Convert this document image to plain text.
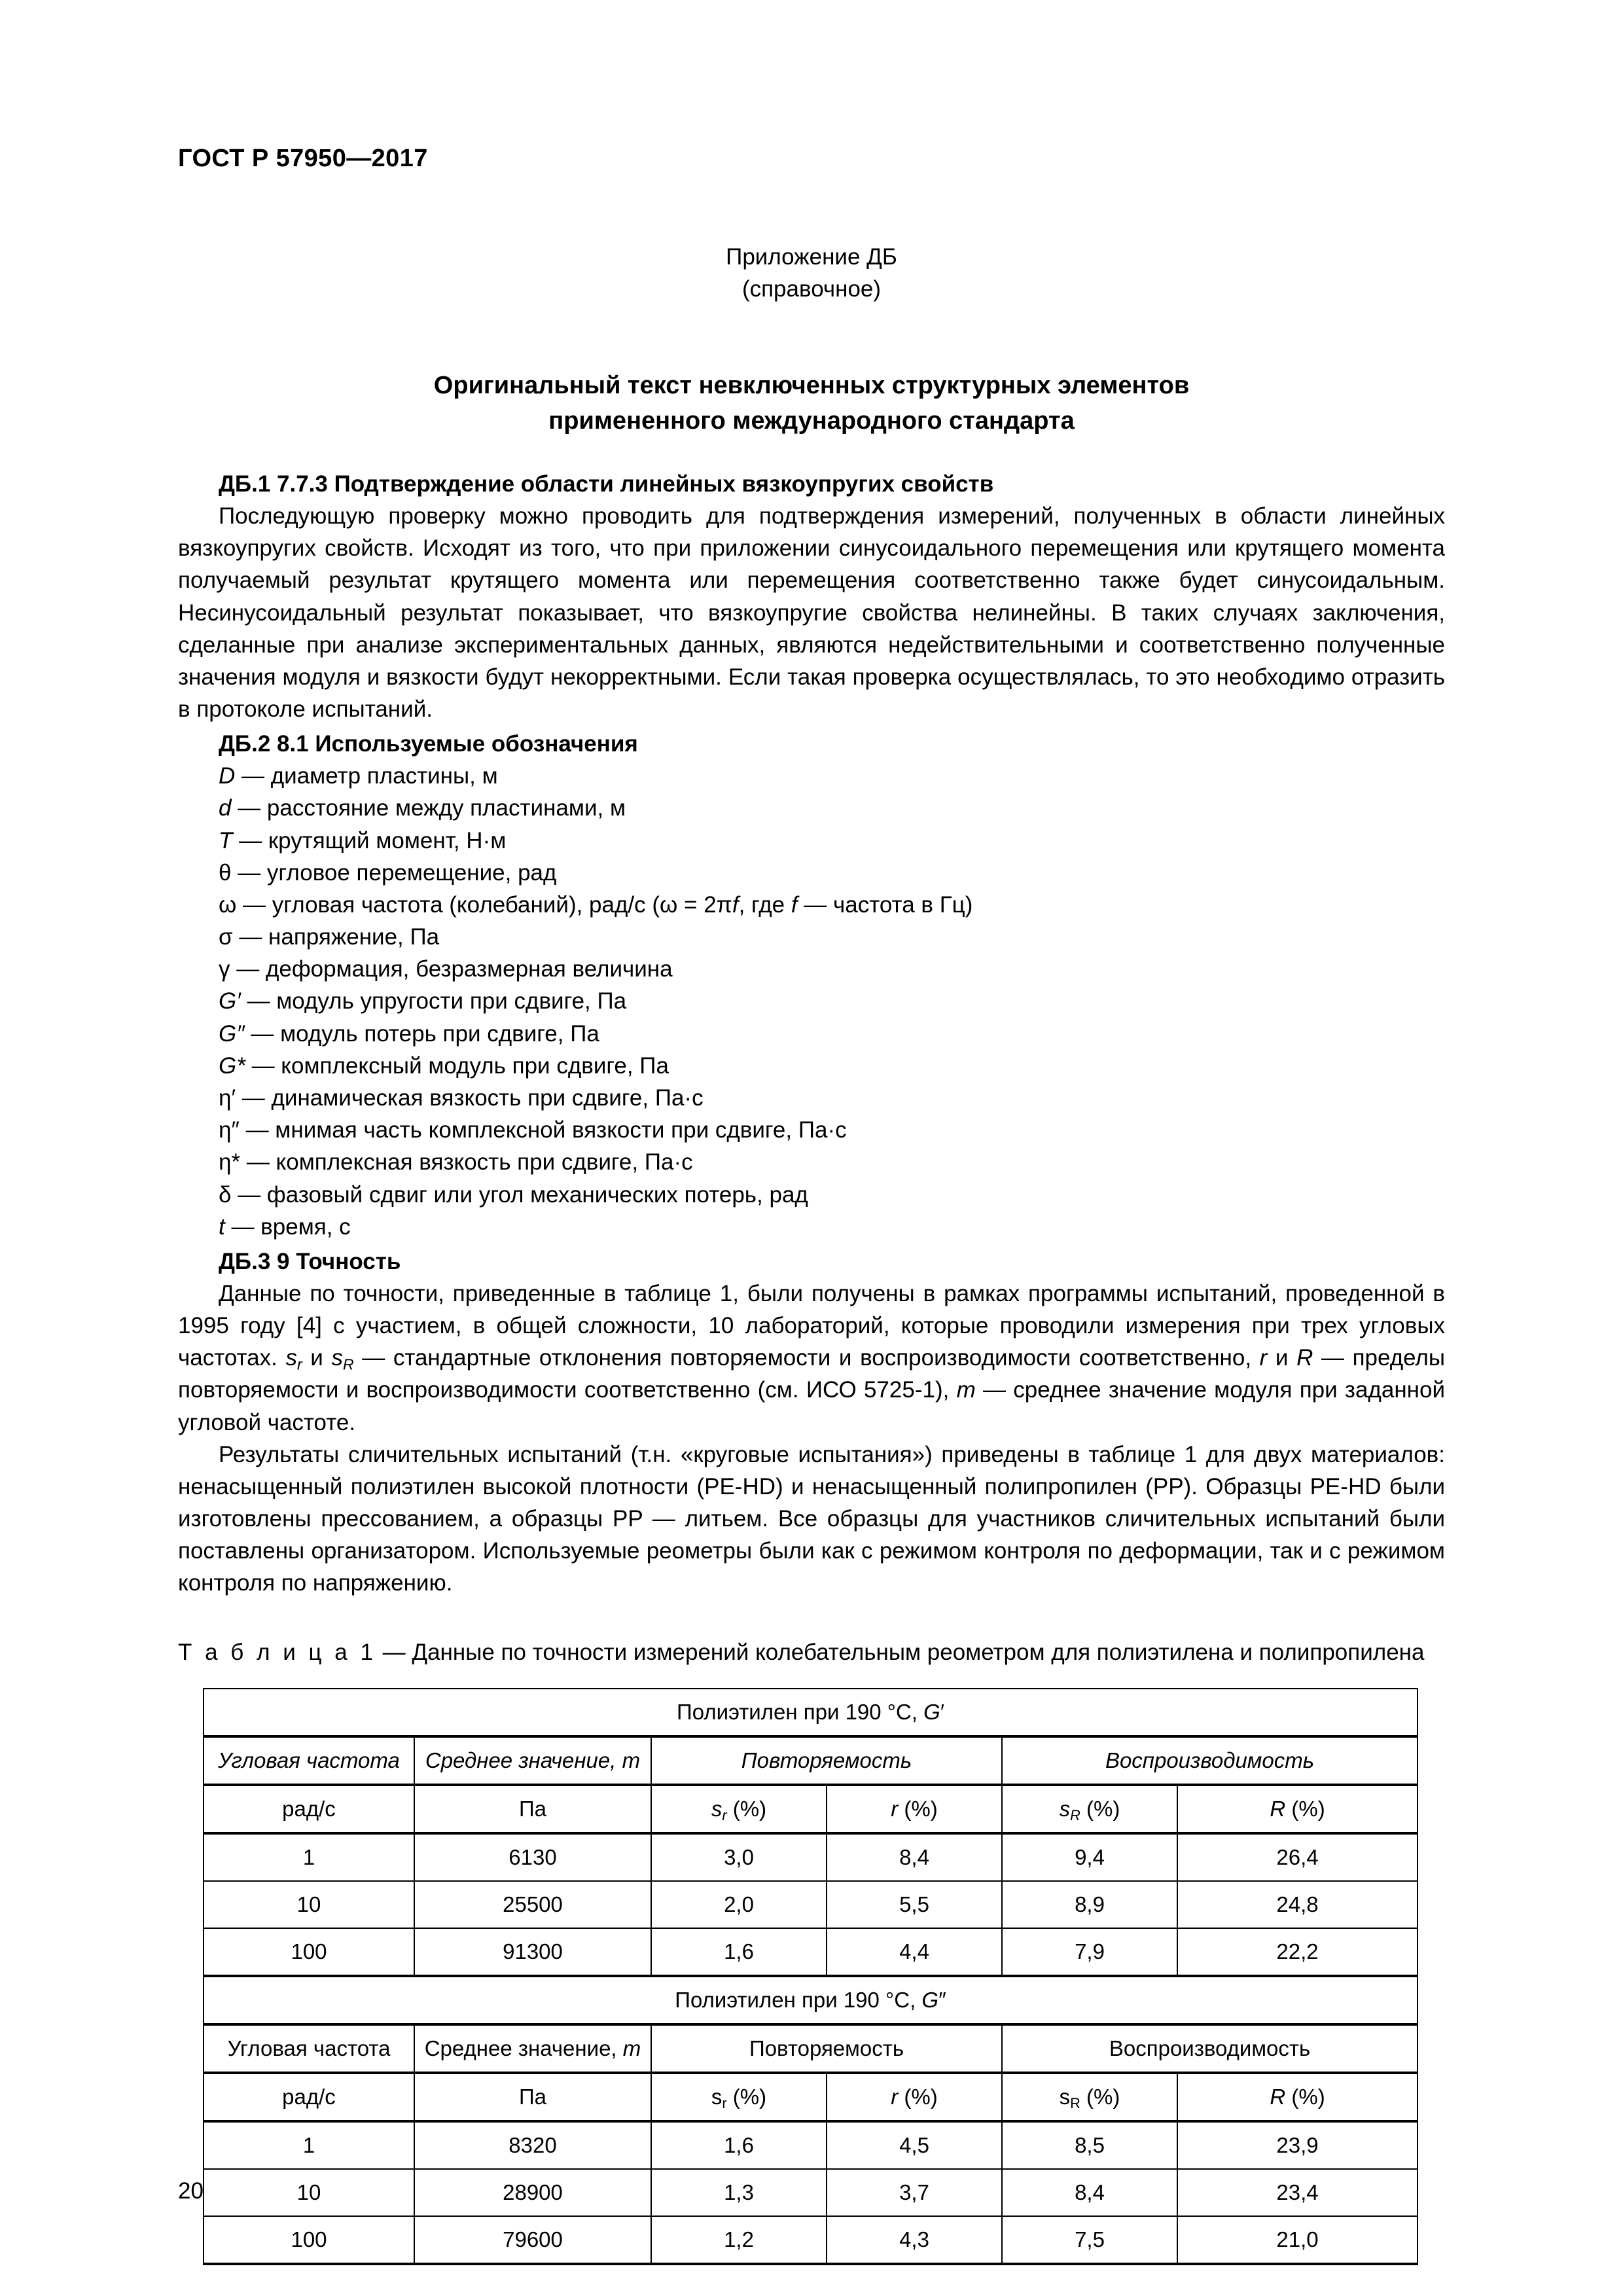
ГОСТ Р 57950—2017
Приложение ДБ
(справочное)
Оригинальный текст невключенных структурных элементов
примененного международного стандарта
ДБ.1 7.7.3 Подтверждение области линейных вязкоупругих свойств

Последующую проверку можно проводить для подтверждения измерений, полученных в области линейных вязкоупругих свойств. Исходят из того, что при приложении синусоидального перемещения или крутящего момента получаемый результат крутящего момента или перемещения соответственно также будет синусоидальным. Несинусоидальный результат показывает, что вязкоупругие свойства нелинейны. В таких случаях заключения, сделанные при анализе экспериментальных данных, являются недействительными и соответственно полученные значения модуля и вязкости будут некорректными. Если такая проверка осуществлялась, то это необходимо отразить в протоколе испытаний.

ДБ.2 8.1 Используемые обозначения
D — диаметр пластины, м
d — расстояние между пластинами, м
T — крутящий момент, Н·м
θ — угловое перемещение, рад
ω — угловая частота (колебаний), рад/с (ω = 2πf, где f — частота в Гц)
σ — напряжение, Па
γ — деформация, безразмерная величина
G′ — модуль упругости при сдвиге, Па
G″ — модуль потерь при сдвиге, Па
G* — комплексный модуль при сдвиге, Па
η′ — динамическая вязкость при сдвиге, Па·с
η″ — мнимая часть комплексной вязкости при сдвиге, Па·с
η* — комплексная вязкость при сдвиге, Па·с
δ — фазовый сдвиг или угол механических потерь, рад
t — время, с
ДБ.3 9 Точность

Данные по точности, приведенные в таблице 1, были получены в рамках программы испытаний, проведенной в 1995 году [4] с участием, в общей сложности, 10 лабораторий, которые проводили измерения при трех угловых частотах. $s_r$ и $s_R$ — стандартные отклонения повторяемости и воспроизводимости соответственно, r и R — пределы повторяемости и воспроизводимости соответственно (см. ИСО 5725-1), m — среднее значение модуля при заданной угловой частоте.

Результаты сличительных испытаний (т.н. «круговые испытания») приведены в таблице 1 для двух материалов: ненасыщенный полиэтилен высокой плотности (PE-HD) и ненасыщенный полипропилен (PP). Образцы PE-HD были изготовлены прессованием, а образцы PP — литьем. Все образцы для участников сличительных испытаний были поставлены организатором. Используемые реометры были как с режимом контроля по деформации, так и с режимом контроля по напряжению.

Т а б л и ц а 1 — Данные по точности измерений колебательным реометром для полиэтилена и полипропилена
Полиэтилен при 190 °C, G′					
Угловая частота	Среднее значение, m	Повторяемость		Воспроизводимость	
рад/с	Па	$s_r$ (%)	r (%)	$s_R$ (%)	R (%)
1	6130	3,0	8,4	9,4	26,4
10	25500	2,0	5,5	8,9	24,8
100	91300	1,6	4,4	7,9	22,2
Полиэтилен при 190 °C, G″					
Угловая частота	Среднее значение, m	Повторяемость		Воспроизводимость	
рад/с	Па	$s_r$ (%)	r (%)	$s_R$ (%)	R (%)
1	8320	1,6	4,5	8,5	23,9
10	28900	1,3	3,7	8,4	23,4
100	79600	1,2	4,3	7,5	21,0
20
